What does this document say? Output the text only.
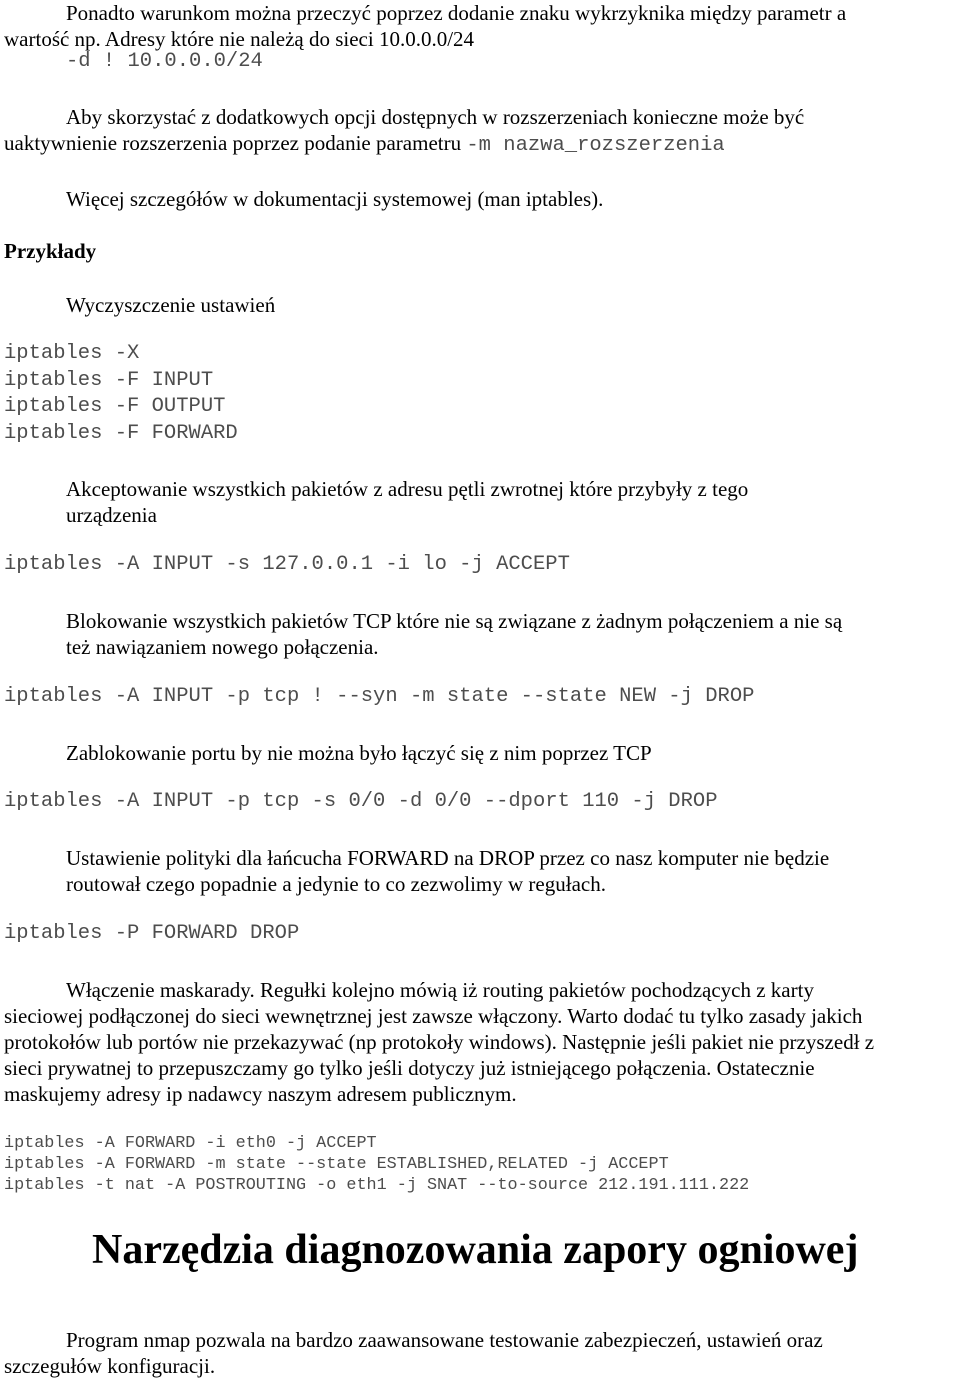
Ponadto warunkom można przeczyć poprzez dodanie znaku wykrzyknika między parametr a

wartość np. Adresy które nie należą do sieci 10.0.0.0/24

-d ! 10.0.0.0/24

Aby skorzystać z dodatkowych opcji dostępnych w rozszerzeniach konieczne może być

uaktywnienie rozszerzenia poprzez podanie parametru -m nazwa_rozszerzenia

Więcej szczegółów w dokumentacji systemowej (man iptables).

Przykłady

Wyczyszczenie ustawień

iptables -X
iptables -F INPUT
iptables -F OUTPUT
iptables -F FORWARD

Akceptowanie wszystkich pakietów z adresu pętli zwrotnej które przybyły z tego

urządzenia

iptables -A INPUT -s 127.0.0.1 -i lo -j ACCEPT

Blokowanie wszystkich pakietów TCP które nie są związane z żadnym połączeniem a nie są

też nawiązaniem nowego połączenia.

iptables -A INPUT -p tcp ! --syn -m state --state NEW -j DROP

Zablokowanie portu by nie można było łączyć się z nim poprzez TCP

iptables -A INPUT -p tcp -s 0/0 -d 0/0 --dport 110 -j DROP

Ustawienie polityki dla łańcucha FORWARD na DROP przez co nasz komputer nie będzie

routował czego popadnie a jedynie to co zezwolimy w regułach.

iptables -P FORWARD DROP

Włączenie maskarady. Regułki kolejno mówią iż routing pakietów pochodzących z karty

sieciowej podłączonej do sieci wewnętrznej jest zawsze włączony. Warto dodać tu tylko zasady jakich

protokołów lub portów nie przekazywać (np protokoły windows). Następnie jeśli pakiet nie przyszedł z

sieci prywatnej to przepuszczamy go tylko jeśli dotyczy już istniejącego połączenia. Ostatecznie

maskujemy adresy ip nadawcy naszym adresem publicznym.

iptables -A FORWARD -i eth0 -j ACCEPT
iptables -A FORWARD -m state --state ESTABLISHED,RELATED -j ACCEPT
iptables -t nat -A POSTROUTING -o eth1 -j SNAT --to-source 212.191.111.222
Narzędzia diagnozowania zapory ogniowej

Program nmap pozwala na bardzo zaawansowane testowanie zabezpieczeń, ustawień oraz

szczegułów konfiguracji.
